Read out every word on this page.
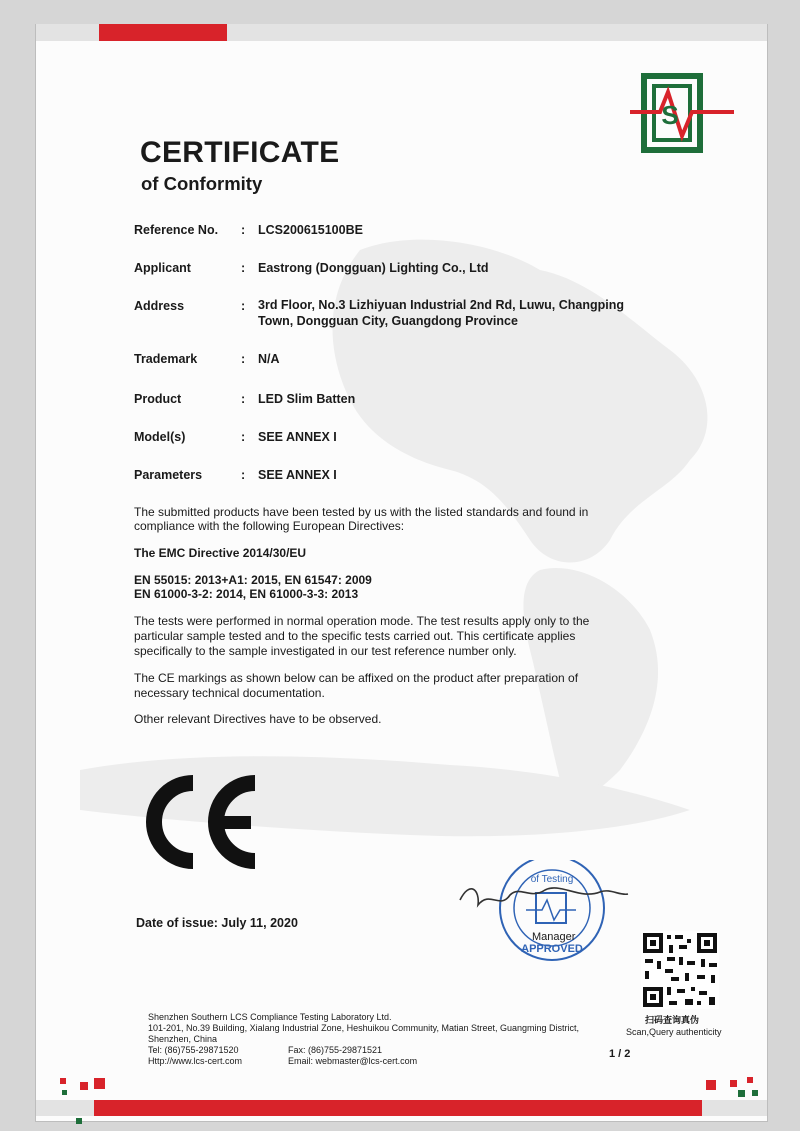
S
CERTIFICATE
of Conformity
Reference No. : LCS200615100BE
Applicant	: Eastrong (Dongguan) Lighting Co., Ltd
Address	: 3rd Floor, No.3 Lizhiyuan Industrial 2nd Rd, Luwu, Changping
Town, Dongguan City, Guangdong Province
Trademark	: N/A
Product	: LED Slim Batten
Model(s)	: SEE ANNEX I
Parameters	: SEE ANNEX I
The submitted products have been tested by us with the listed standards and found in
compliance with the following European Directives:
The EMC Directive 2014/30/EU
EN 55015: 2013+A1: 2015, EN 61547: 2009
EN 61000-3-2: 2014, EN 61000-3-3: 2013
The tests were performed in normal operation mode. The test results apply only to the
particular sample tested and to the specific tests carried out. This certificate applies
specifically to the sample investigated in our test reference number only.
The CE markings as shown below can be affixed on the product after preparation of
necessary technical documentation.
Other relevant Directives have to be observed.
Date of issue: July 11, 2020
of Testing
APPROVED
Manager
扫码查询真伪
Scan,Query authenticity
Shenzhen Southern LCS Compliance Testing Laboratory Ltd.
101-201, No.39 Building, Xialang Industrial Zone, Heshuikou Community, Matian Street, Guangming District,
Shenzhen, China
Tel: (86)755-29871520	Fax: (86)755-29871521
Http://www.lcs-cert.com	Email: webmaster@lcs-cert.com
1 / 2
